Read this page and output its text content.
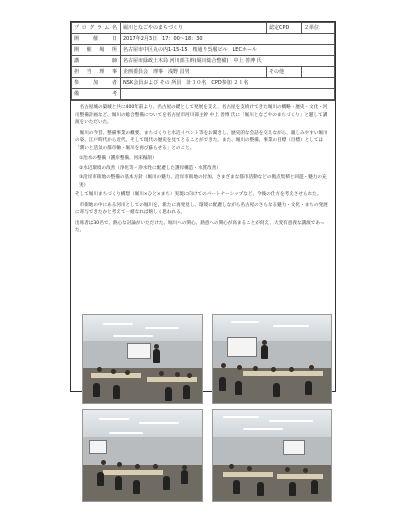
プログラム名	堀川となごやのまちづくり	認定CPD	２単位
開　催　日	2017年2月3日　17：00～18：30		
開 催 場 所	名古屋市中区丸の内1-15-15　桜通り呉服ビル　LECホール		
講　　　　師	名古屋市緑政土木局 河川部主幹(堀川総合整備)　中上 善博 氏		
担 当 理 事	企画委員会　理事　浅野 昌男	その他	
参　加　者	NSK会員および その 所員　計３０名　CPD参加 ２１名		
備　　　　考			

　名古屋城の築城と共に400年前より、名古屋の礎として発展を支え、名古屋を支続けてきた堀川の概略・歴史・文化・河川整備計画など、堀川の総合整備についてを名古屋市河川部主幹 中上 善博 氏に「堀川となごやのまちづくり」と題して講演をいただいた。

　堀川の今昔、整備事業の概要、まちづくりと水辺イベント等をお聞きし、歴史的な会話を交えながら、親しみやすい堀川の姿、江戸時代から近代、そして現代の歴史を見てとることができた。また、堀川の整備、事業の目標（目標）としては「潤いと活気の都市軸・堀川を再び蘇らせる」とのこと。

①治水の整備（護岸整備、河床掘削）

②水辺環境の改善（浄化等・浄水性に配慮した護岸構造・水質改善）

③沿岸市街地の整備の基本方針（堀川の魅力、沿岸市街地の付加、さまざまな都市活動などの拠点集積と回遊・魅力の充実）

そして堀川まちづくり構想（堀川×ひと×まち）実現に向けてのパートナーシップなど、今後の仕方を考えさせられた。

　市街地の中にある河川としての堀川を、新たに再発見し、環境に配慮しながら名古屋のさらなる魅力・文化・まちの発展に寄与できたかと考えて一緒なれば嬉しく思われる。

出席者は30名で、熱心な討論がいただけた。堀川への関心、熱意への関心が高まることが伺え、大変有意義な講演であった。
